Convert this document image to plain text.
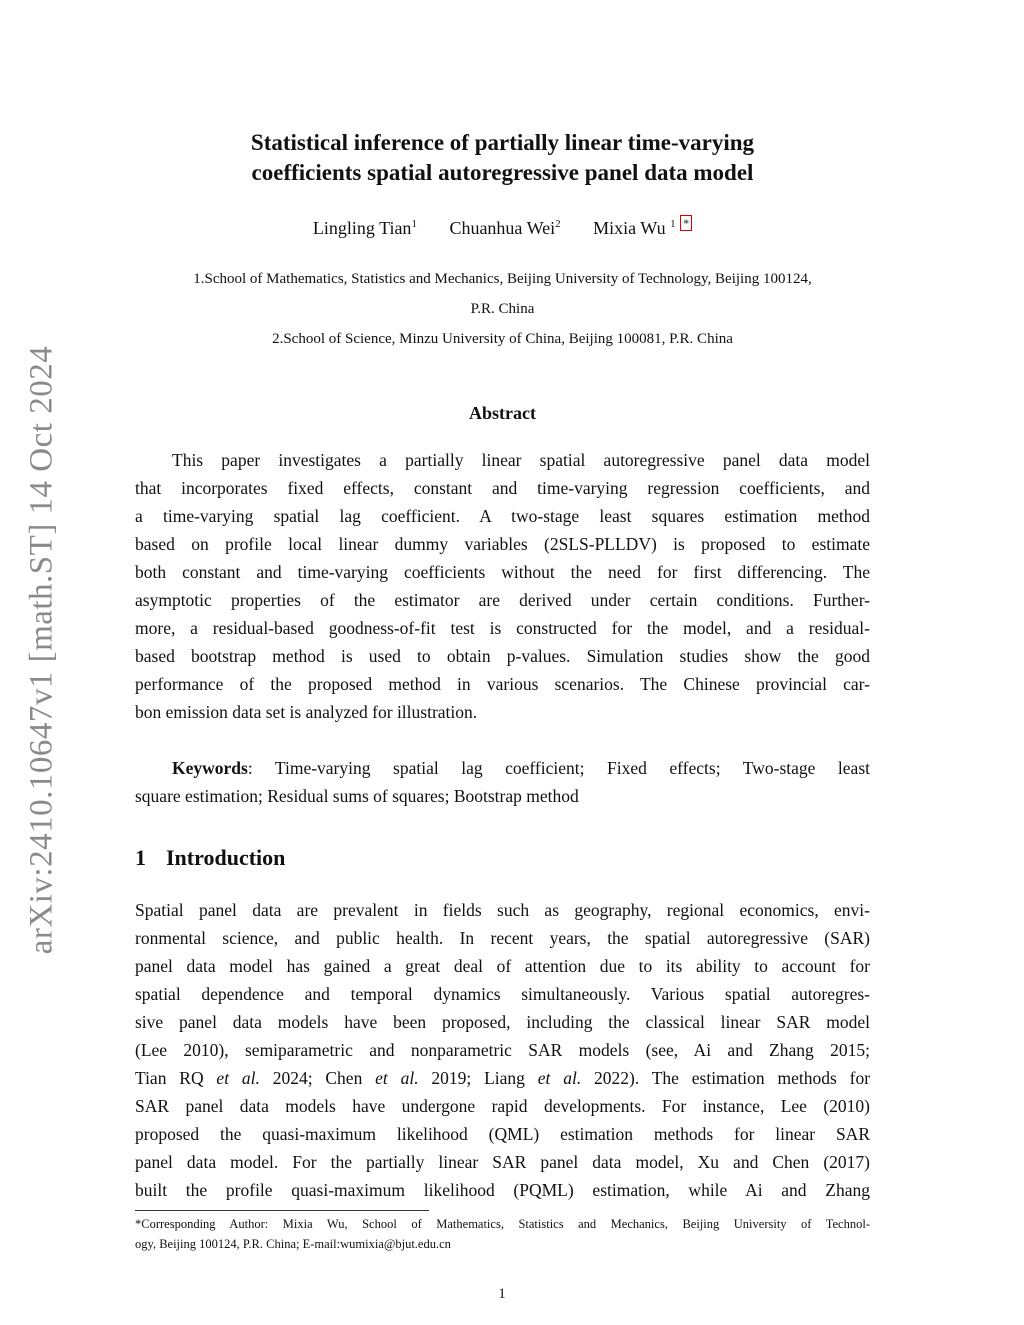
arXiv:2410.10647v1 [math.ST] 14 Oct 2024
Statistical inference of partially linear time-varying
coefficients spatial autoregressive panel data model
Lingling Tian$^1$ Chuanhua Wei$^2$ Mixia Wu $^1$ *
1.School of Mathematics, Statistics and Mechanics, Beijing University of Technology, Beijing 100124,
P.R. China
2.School of Science, Minzu University of China, Beijing 100081, P.R. China
Abstract
This paper investigates a partially linear spatial autoregressive panel data model
that incorporates fixed effects, constant and time-varying regression coefficients, and
a time-varying spatial lag coefficient. A two-stage least squares estimation method
based on profile local linear dummy variables (2SLS-PLLDV) is proposed to estimate
both constant and time-varying coefficients without the need for first differencing. The
asymptotic properties of the estimator are derived under certain conditions. Further-
more, a residual-based goodness-of-fit test is constructed for the model, and a residual-
based bootstrap method is used to obtain p-values. Simulation studies show the good
performance of the proposed method in various scenarios. The Chinese provincial car-
bon emission data set is analyzed for illustration.
Keywords: Time-varying spatial lag coefficient; Fixed effects; Two-stage least
square estimation; Residual sums of squares; Bootstrap method
1 Introduction
Spatial panel data are prevalent in fields such as geography, regional economics, envi-
ronmental science, and public health. In recent years, the spatial autoregressive (SAR)
panel data model has gained a great deal of attention due to its ability to account for
spatial dependence and temporal dynamics simultaneously. Various spatial autoregres-
sive panel data models have been proposed, including the classical linear SAR model
(Lee 2010), semiparametric and nonparametric SAR models (see, Ai and Zhang 2015;
Tian RQ et al. 2024; Chen et al. 2019; Liang et al. 2022). The estimation methods for
SAR panel data models have undergone rapid developments. For instance, Lee (2010)
proposed the quasi-maximum likelihood (QML) estimation methods for linear SAR
panel data model. For the partially linear SAR panel data model, Xu and Chen (2017)
built the profile quasi-maximum likelihood (PQML) estimation, while Ai and Zhang
*Corresponding Author: Mixia Wu, School of Mathematics, Statistics and Mechanics, Beijing University of Technol-
ogy, Beijing 100124, P.R. China; E-mail:wumixia@bjut.edu.cn
1
